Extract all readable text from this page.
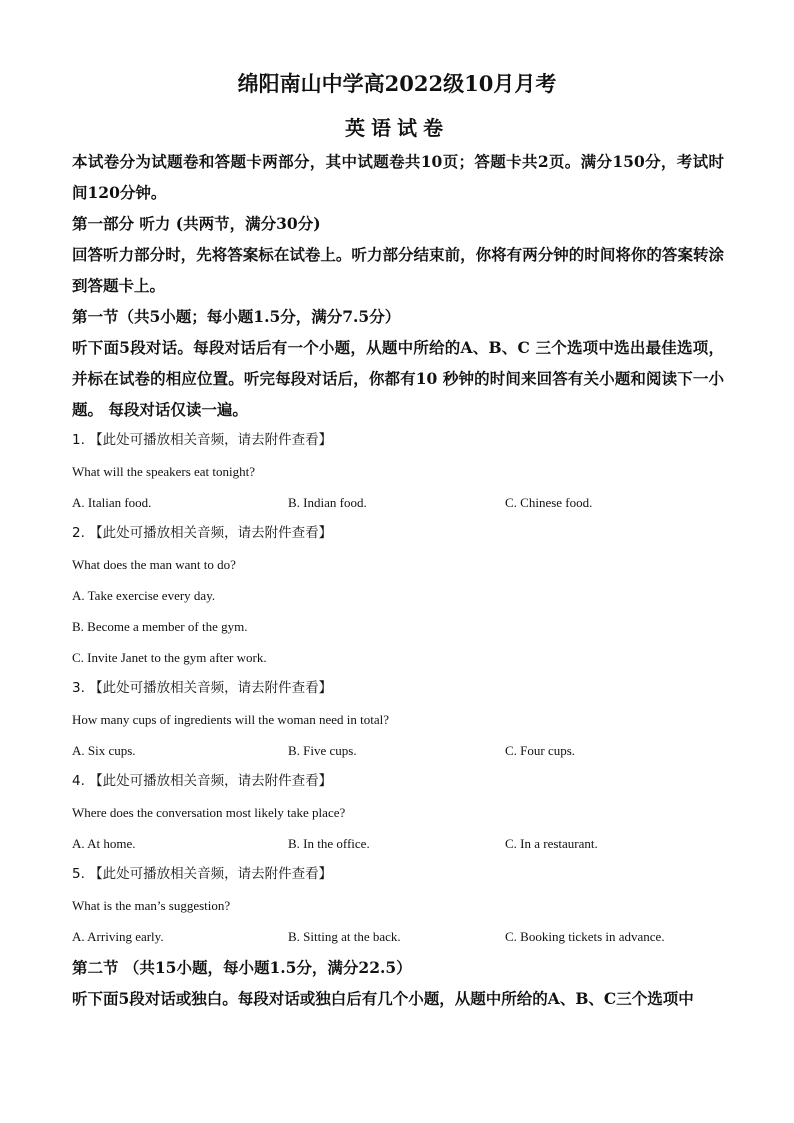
绵阳南山中学高2022级10月月考
英语试卷

本试卷分为试题卷和答题卡两部分，其中试题卷共10页；答题卡共2页。满分150分，考试时间120分钟。

第一部分 听力 (共两节，满分30分)

回答听力部分时，先将答案标在试卷上。听力部分结束前，你将有两分钟的时间将你的答案转涂到答题卡上。

第一节（共5小题；每小题1.5分，满分7.5分）

听下面5段对话。每段对话后有一个小题，从题中所给的A、B、C 三个选项中选出最佳选项，并标在试卷的相应位置。听完每段对话后，你都有10 秒钟的时间来回答有关小题和阅读下一小题。 每段对话仅读一遍。

1. 【此处可播放相关音频，请去附件查看】

What will the speakers eat tonight?

A. Italian food.	B. Indian food.	C. Chinese food.

2. 【此处可播放相关音频，请去附件查看】

What does the man want to do?

A. Take exercise every day.

B. Become a member of the gym.

C. Invite Janet to the gym after work.

3. 【此处可播放相关音频，请去附件查看】

How many cups of ingredients will the woman need in total?

A. Six cups.	B. Five cups.	C. Four cups.

4. 【此处可播放相关音频，请去附件查看】

Where does the conversation most likely take place?

A. At home.	B. In the office.	C. In a restaurant.

5. 【此处可播放相关音频，请去附件查看】

What is the man’s suggestion?

A. Arriving early.	B. Sitting at the back.	C. Booking tickets in advance.

第二节 （共15小题，每小题1.5分，满分22.5）

听下面5段对话或独白。每段对话或独白后有几个小题，从题中所给的A、B、C三个选项中
